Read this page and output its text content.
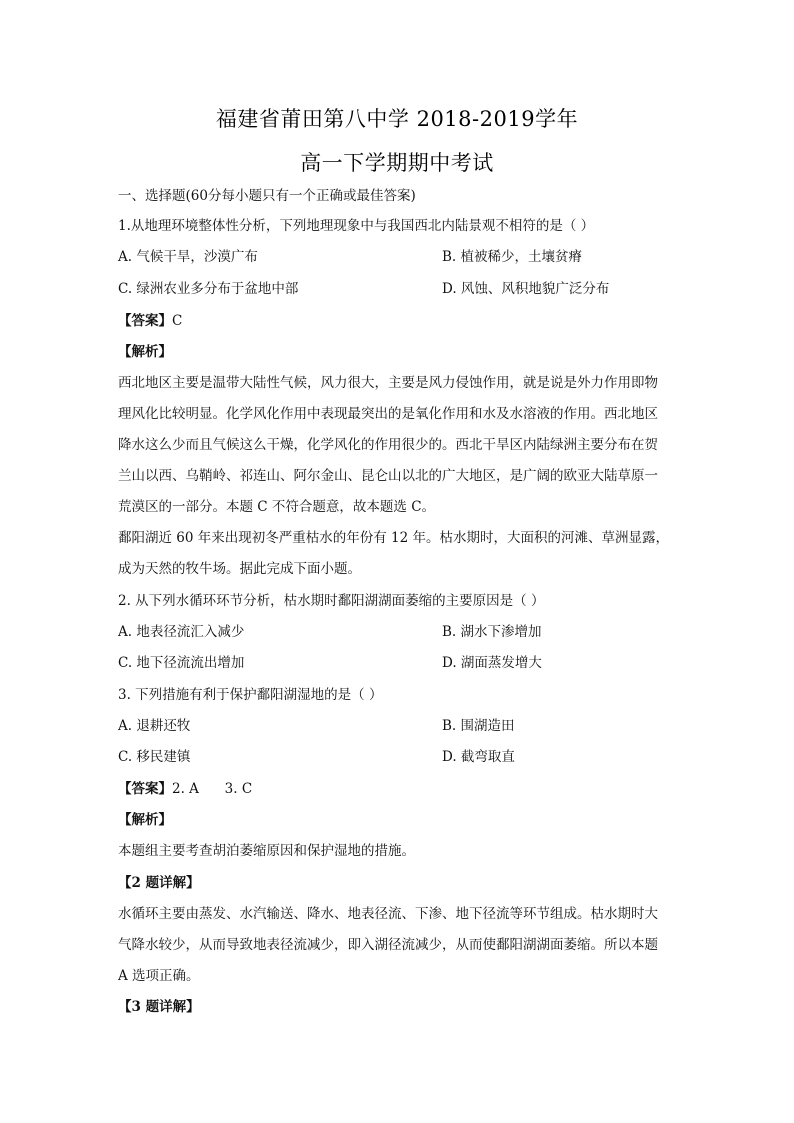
福建省莆田第八中学 2018-2019学年
高一下学期期中考试
一、选择题(60分每小题只有一个正确或最佳答案)
1.从地理环境整体性分析，下列地理现象中与我国西北内陆景观不相符的是（ ）
A. 气候干旱，沙漠广布	B. 植被稀少，土壤贫瘠
C. 绿洲农业多分布于盆地中部	D. 风蚀、风积地貌广泛分布
【答案】C
【解析】
西北地区主要是温带大陆性气候，风力很大，主要是风力侵蚀作用，就是说是外力作用即物
理风化比较明显。化学风化作用中表现最突出的是氧化作用和水及水溶液的作用。西北地区
降水这么少而且气候这么干燥，化学风化的作用很少的。西北干旱区内陆绿洲主要分布在贺
兰山以西、乌鞘岭、祁连山、阿尔金山、昆仑山以北的广大地区，是广阔的欧亚大陆草原一
荒漠区的一部分。本题 C 不符合题意，故本题选 C。
鄱阳湖近 60 年来出现初冬严重枯水的年份有 12 年。枯水期时，大面积的河滩、草洲显露，
成为天然的牧牛场。据此完成下面小题。
2. 从下列水循环环节分析，枯水期时鄱阳湖湖面萎缩的主要原因是（ ）
A. 地表径流汇入减少	B. 湖水下渗增加
C. 地下径流流出增加	D. 湖面蒸发增大
3. 下列措施有利于保护鄱阳湖湿地的是（ ）
A. 退耕还牧	B. 围湖造田
C. 移民建镇	D. 截弯取直
【答案】2. A      3. C
【解析】
本题组主要考查胡泊萎缩原因和保护湿地的措施。
【2 题详解】
水循环主要由蒸发、水汽输送、降水、地表径流、下渗、地下径流等环节组成。枯水期时大
气降水较少，从而导致地表径流减少，即入湖径流减少，从而使鄱阳湖湖面萎缩。所以本题
A 选项正确。
【3 题详解】
